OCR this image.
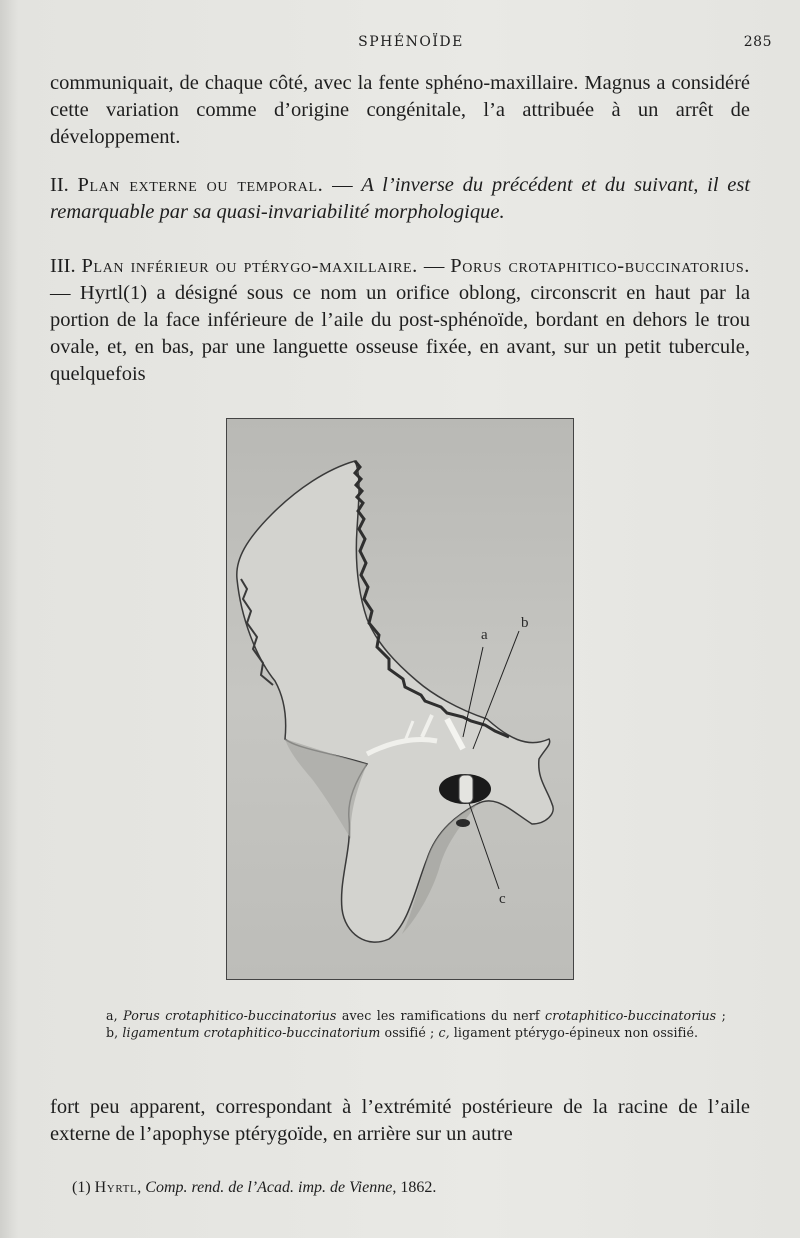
SPHÉNOÏDE	285
communiquait, de chaque côté, avec la fente sphéno-maxillaire. Magnus a considéré cette variation comme d’origine congénitale, l’a attribuée à un arrêt de développement.
II. Plan externe ou temporal. — A l’inverse du précédent et du suivant, il est remarquable par sa quasi-invariabilité morphologique.
III. Plan inférieur ou ptérygo-maxillaire. — Porus crotaphitico-buccinatorius. — Hyrtl(1) a désigné sous ce nom un orifice oblong, circonscrit en haut par la portion de la face inférieure de l’aile du post-sphénoïde, bordant en dehors le trou ovale, et, en bas, par une languette osseuse fixée, en avant, sur un petit tubercule, quelquefois
a
b
c
a, Porus crotaphitico-buccinatorius avec les ramifications du nerf crotaphitico-buccinatorius ; b, ligamentum crotaphitico-buccinatorium ossifié ; c, ligament ptérygo-épineux non ossifié.
fort peu apparent, correspondant à l’extrémité postérieure de la racine de l’aile externe de l’apophyse ptérygoïde, en arrière sur un autre
(1) Hyrtl, Comp. rend. de l’Acad. imp. de Vienne, 1862.
